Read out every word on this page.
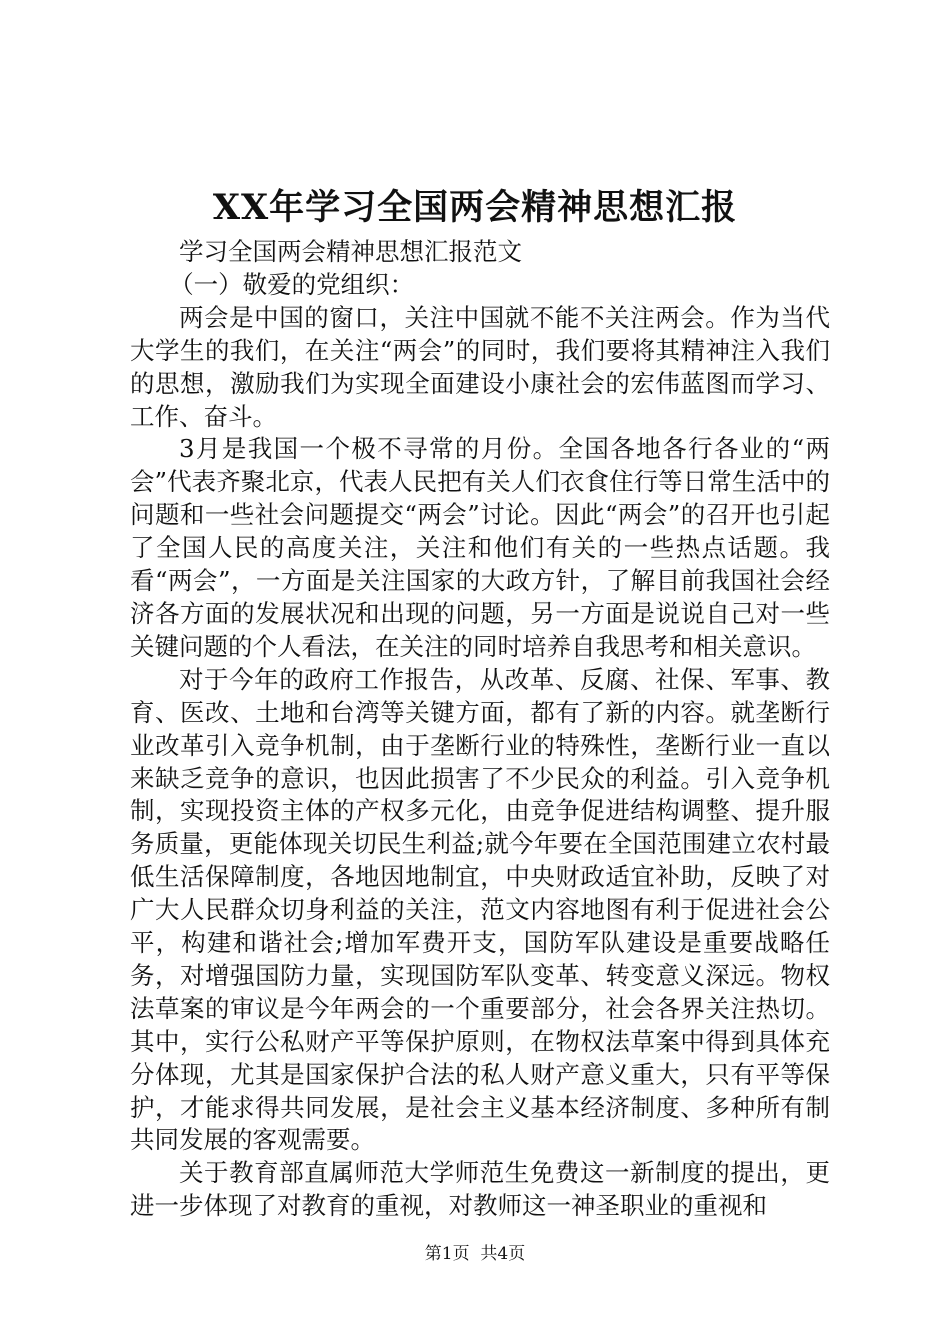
XX年学习全国两会精神思想汇报

学习全国两会精神思想汇报范文

（一）敬爱的党组织：

两会是中国的窗口，关注中国就不能不关注两会。作为当代大学生的我们，在关注“两会”的同时，我们要将其精神注入我们的思想，激励我们为实现全面建设小康社会的宏伟蓝图而学习、工作、奋斗。

3月是我国一个极不寻常的月份。全国各地各行各业的“两会”代表齐聚北京，代表人民把有关人们衣食住行等日常生活中的问题和一些社会问题提交“两会”讨论。因此“两会”的召开也引起了全国人民的高度关注，关注和他们有关的一些热点话题。我看“两会”，一方面是关注国家的大政方针，了解目前我国社会经济各方面的发展状况和出现的问题，另一方面是说说自己对一些关键问题的个人看法，在关注的同时培养自我思考和相关意识。

对于今年的政府工作报告，从改革、反腐、社保、军事、教育、医改、土地和台湾等关键方面，都有了新的内容。就垄断行业改革引入竞争机制，由于垄断行业的特殊性，垄断行业一直以来缺乏竞争的意识，也因此损害了不少民众的利益。引入竞争机制，实现投资主体的产权多元化，由竞争促进结构调整、提升服务质量，更能体现关切民生利益;就今年要在全国范围建立农村最低生活保障制度，各地因地制宜，中央财政适宜补助，反映了对广大人民群众切身利益的关注，范文内容地图有利于促进社会公平，构建和谐社会;增加军费开支，国防军队建设是重要战略任务，对增强国防力量，实现国防军队变革、转变意义深远。物权法草案的审议是今年两会的一个重要部分，社会各界关注热切。其中，实行公私财产平等保护原则，在物权法草案中得到具体充分体现，尤其是国家保护合法的私人财产意义重大，只有平等保护，才能求得共同发展，是社会主义基本经济制度、多种所有制共同发展的客观需要。

关于教育部直属师范大学师范生免费这一新制度的提出，更进一步体现了对教育的重视，对教师这一神圣职业的重视和

第1页 共4页
